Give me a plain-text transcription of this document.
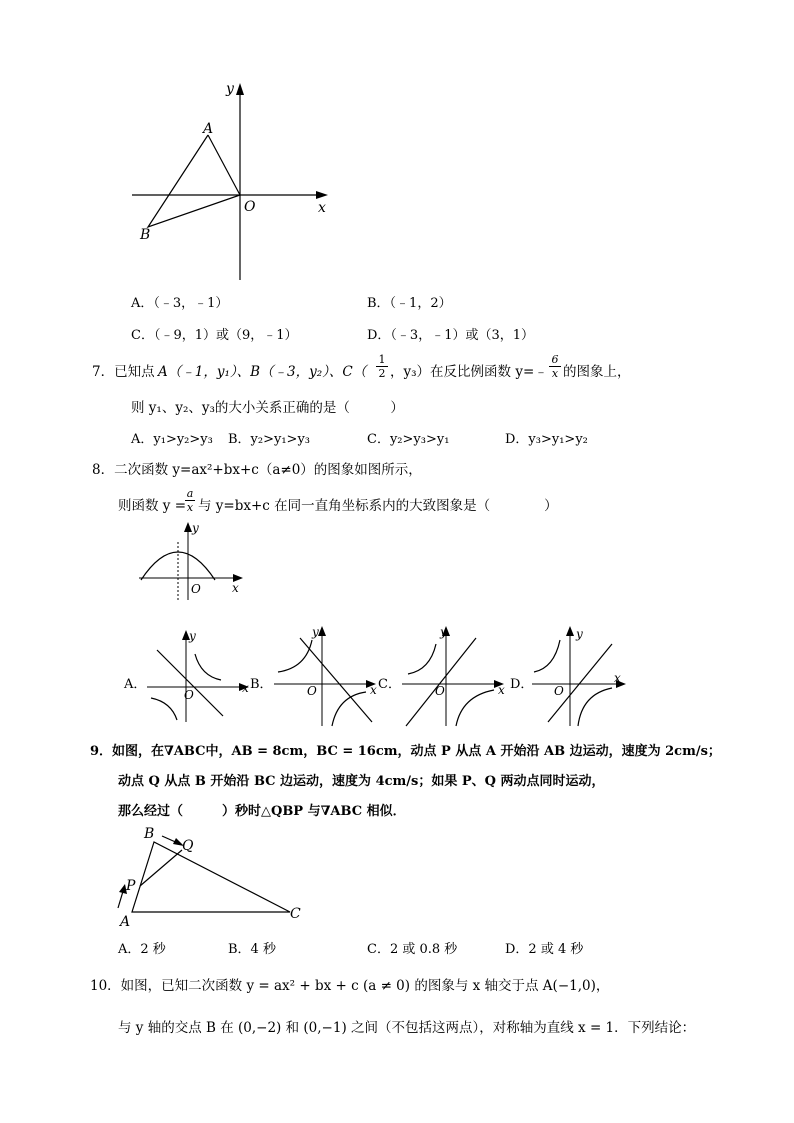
y
x
O
A
B
A．（﹣3，﹣1）	B．（﹣1，2）
C．（﹣9，1）或（9，﹣1）	D．（﹣3，﹣1）或（3，1）
7．已知点 A（﹣1，y₁）、B（﹣3，y₂）、$C( \frac{1}{2}$ ，y₃）在反比例函数 y=﹣ $\frac{6}{x}$ 的图象上，
则 y₁、y₂、y₃的大小关系正确的是（　　　）
A．y₁>y₂>y₃ B．y₂>y₁>y₃	C．y₂>y₃>y₁	D．y₃>y₁>y₂
8．二次函数 y=ax²+bx+c（a≠0）的图象如图所示，
则函数 y =
$\frac{a}{x}$ 与 y=bx+c 在同一直角坐标系内的大致图象是（　　　　）
y
O	x
A．	B．	C．	D．
y
O	x
y
O	x
y
O	x
y
O
x
9．如图，在∇ABC中，AB = 8cm，BC = 16cm，动点 P 从点 A 开始沿 AB 边运动，速度为 2cm/s；
动点 Q 从点 B 开始沿 BC 边运动，速度为 4cm/s；如果 P、Q 两动点同时运动，
那么经过（　　　）秒时△QBP 与∇ABC 相似．
B
Q
P
A	C
A．2 秒	B．4 秒	C．2 或 0.8 秒	D．2 或 4 秒
10．如图，已知二次函数 y = ax² + bx + c (a ≠ 0) 的图象与 x 轴交于点 A(−1,0)，
与 y 轴的交点 B 在 (0,−2) 和 (0,−1) 之间（不包括这两点），对称轴为直线 x = 1．下列结论：
